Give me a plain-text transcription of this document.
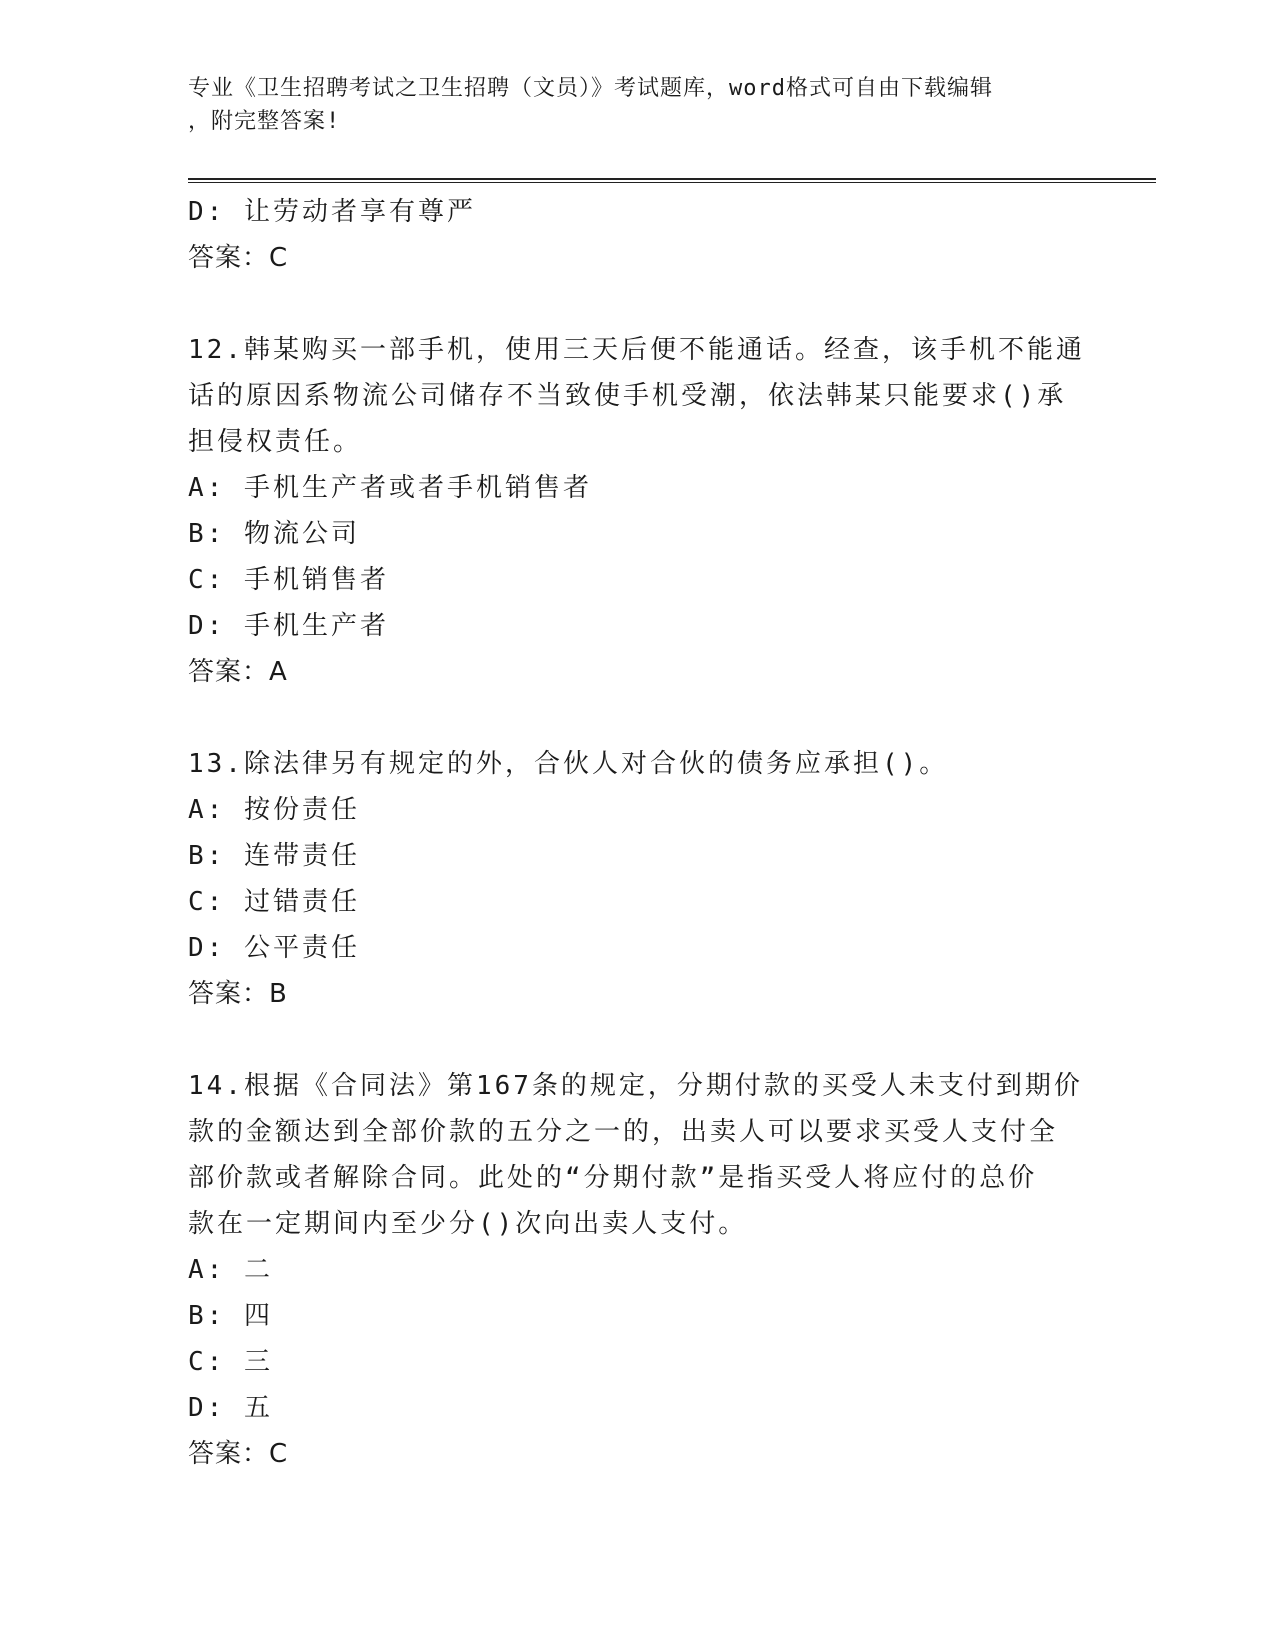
专业《卫生招聘考试之卫生招聘（文员）》考试题库，word格式可自由下载编辑
，附完整答案!

D: 让劳动者享有尊严

答案：C

12.韩某购买一部手机，使用三天后便不能通话。经查，该手机不能通

话的原因系物流公司储存不当致使手机受潮，依法韩某只能要求()承

担侵权责任。

A: 手机生产者或者手机销售者

B: 物流公司

C: 手机销售者

D: 手机生产者

答案：A

13.除法律另有规定的外，合伙人对合伙的债务应承担()。

A: 按份责任

B: 连带责任

C: 过错责任

D: 公平责任

答案：B

14.根据《合同法》第167条的规定，分期付款的买受人未支付到期价

款的金额达到全部价款的五分之一的，出卖人可以要求买受人支付全

部价款或者解除合同。此处的“分期付款”是指买受人将应付的总价

款在一定期间内至少分()次向出卖人支付。

A: 二

B: 四

C: 三

D: 五

答案：C
